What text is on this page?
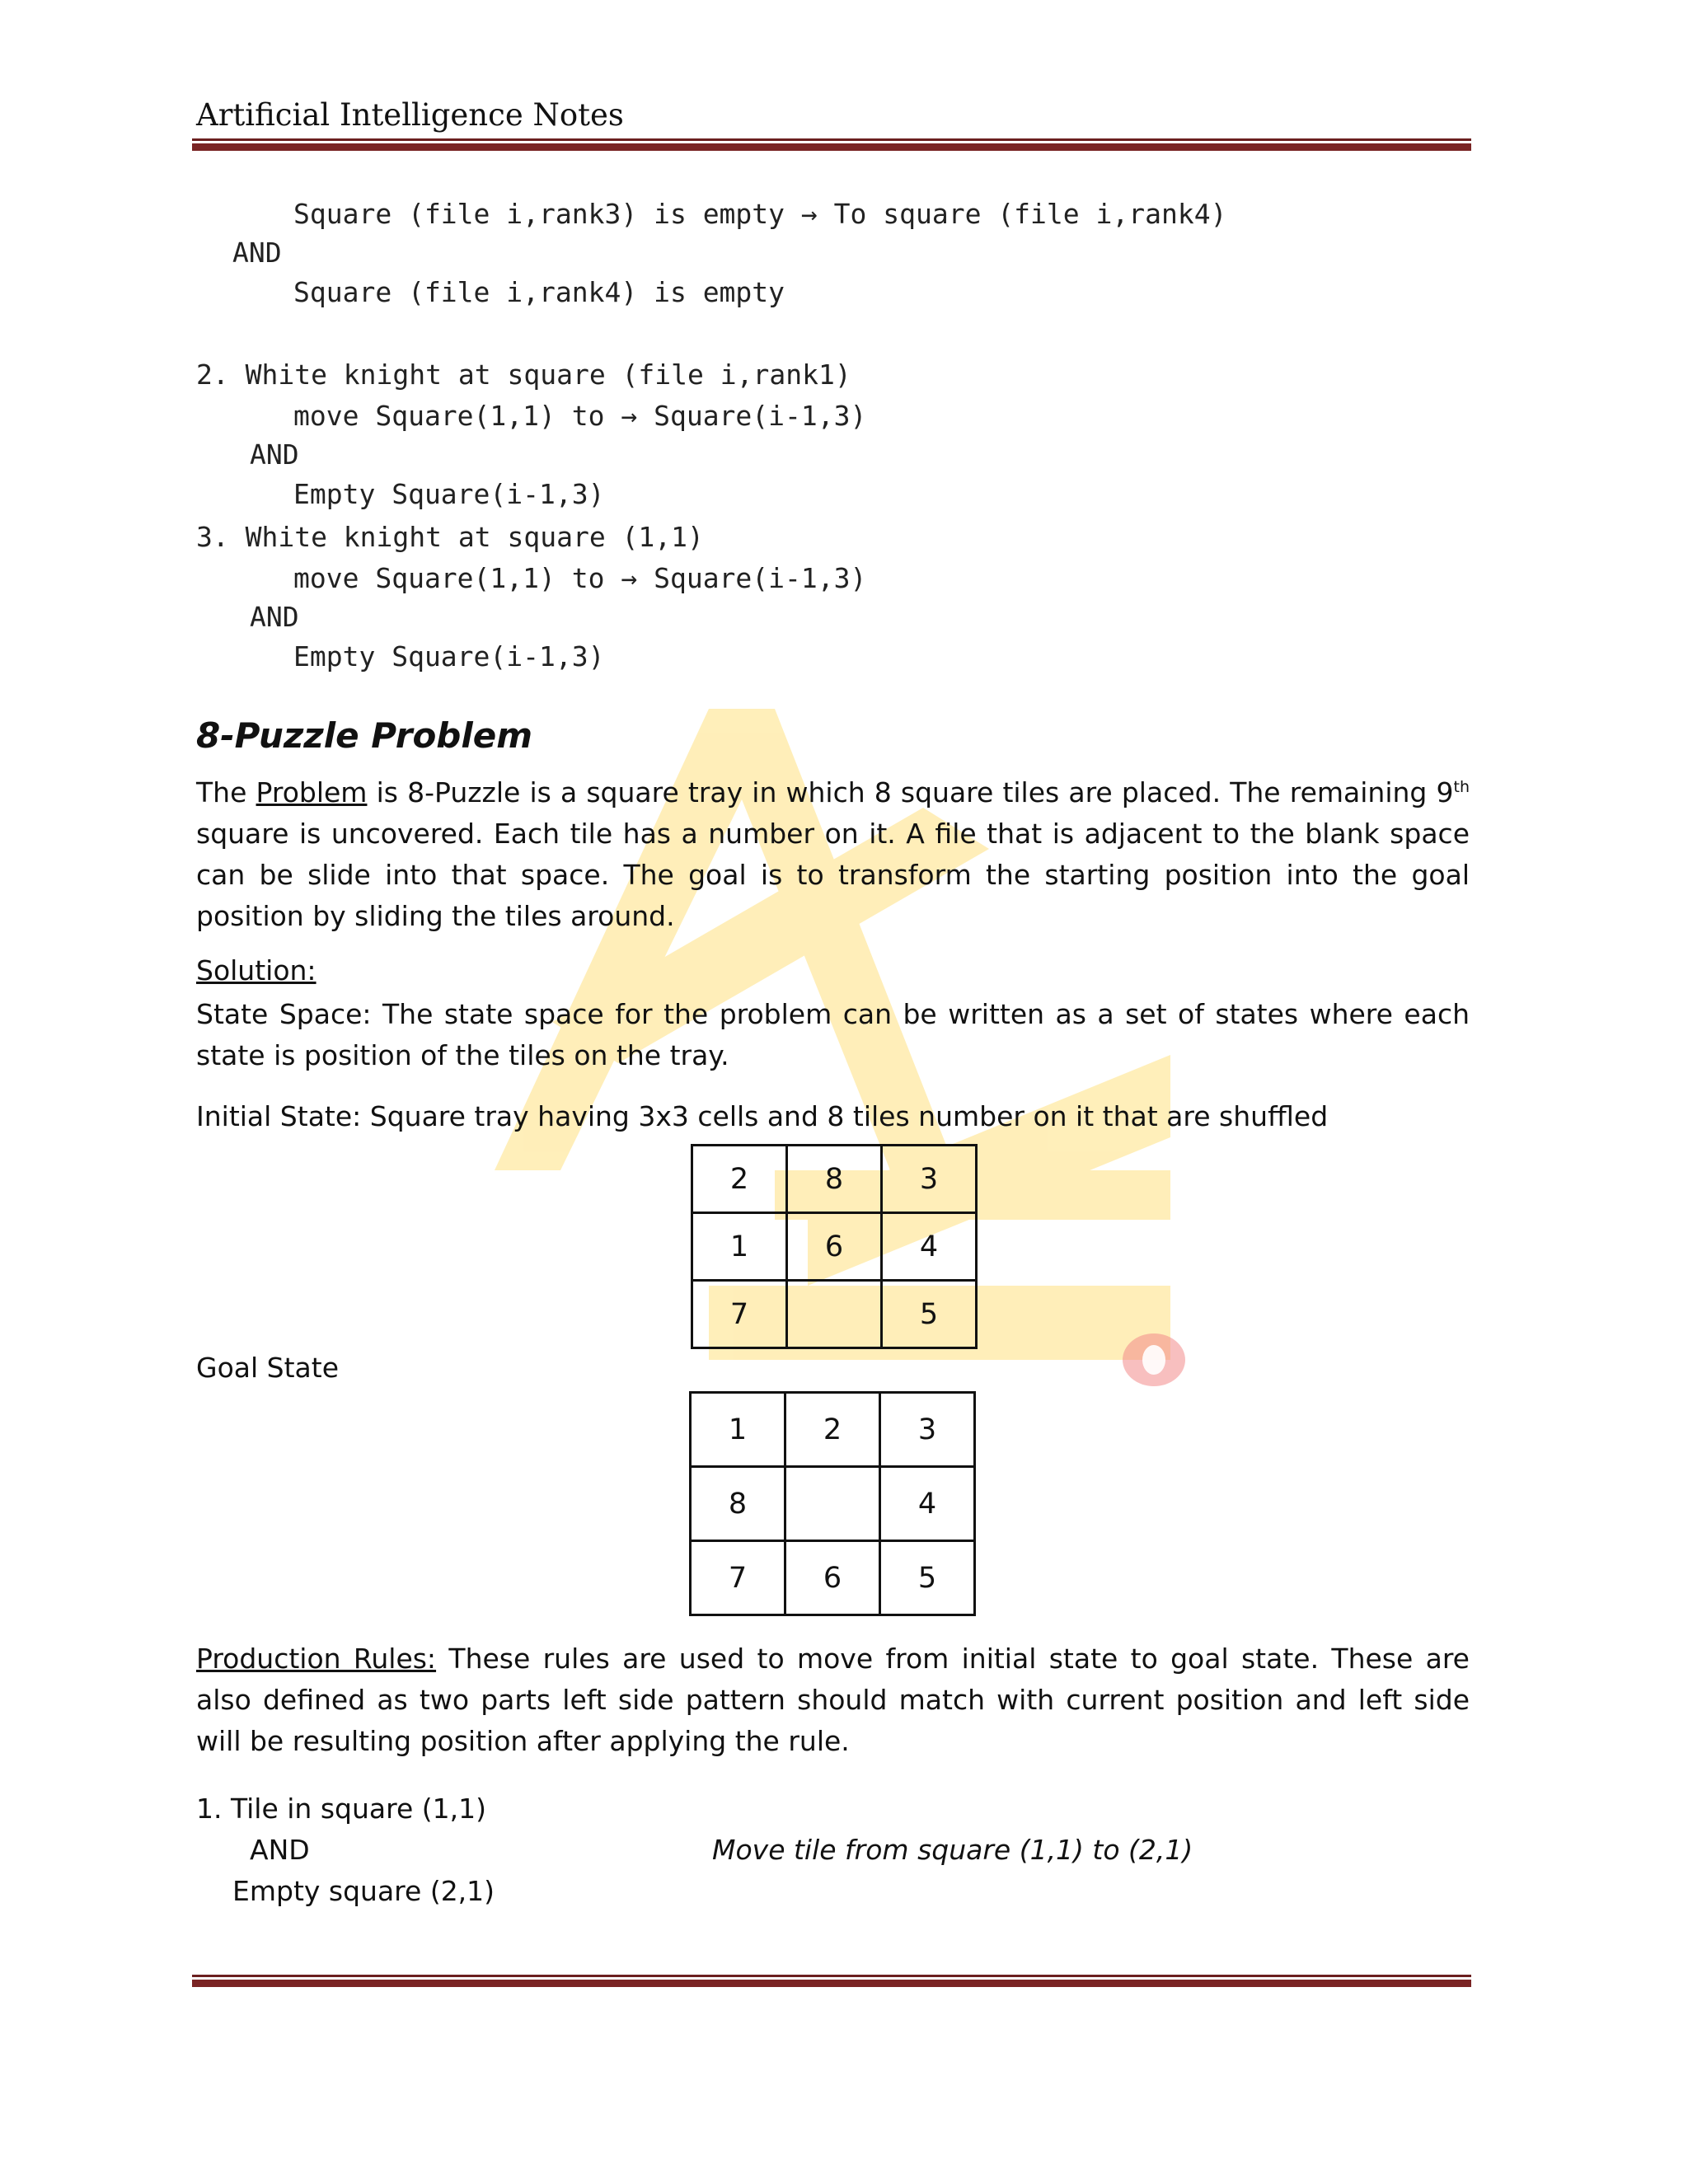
Artificial Intelligence Notes
Square (file i,rank3) is empty → To square (file i,rank4)
AND
Square (file i,rank4) is empty
2. White knight at square (file i,rank1)
move Square(1,1) to → Square(i-1,3)
AND
Empty Square(i-1,3)
3. White knight at square (1,1)
move Square(1,1) to → Square(i-1,3)
AND
Empty Square(i-1,3)
8-Puzzle Problem
The Problem is 8-Puzzle is a square tray in which 8 square tiles are placed. The remaining 9th square is uncovered. Each tile has a number on it. A file that is adjacent to the blank space can be slide into that space. The goal is to transform the starting position into the goal position by sliding the tiles around.
Solution:
State Space: The state space for the problem can be written as a set of states where each state is position of the tiles on the tray.
Initial State: Square tray having 3x3 cells and 8 tiles number on it that are shuffled
2	8	3
1	6	4
7		5
Goal State
1	2	3
8		4
7	6	5
Production Rules: These rules are used to move from initial state to goal state. These are also defined as two parts left side pattern should match with current position and left side will be resulting position after applying the rule.
1. Tile in square (1,1)
AND
Empty square (2,1)
Move tile from square (1,1) to (2,1)
